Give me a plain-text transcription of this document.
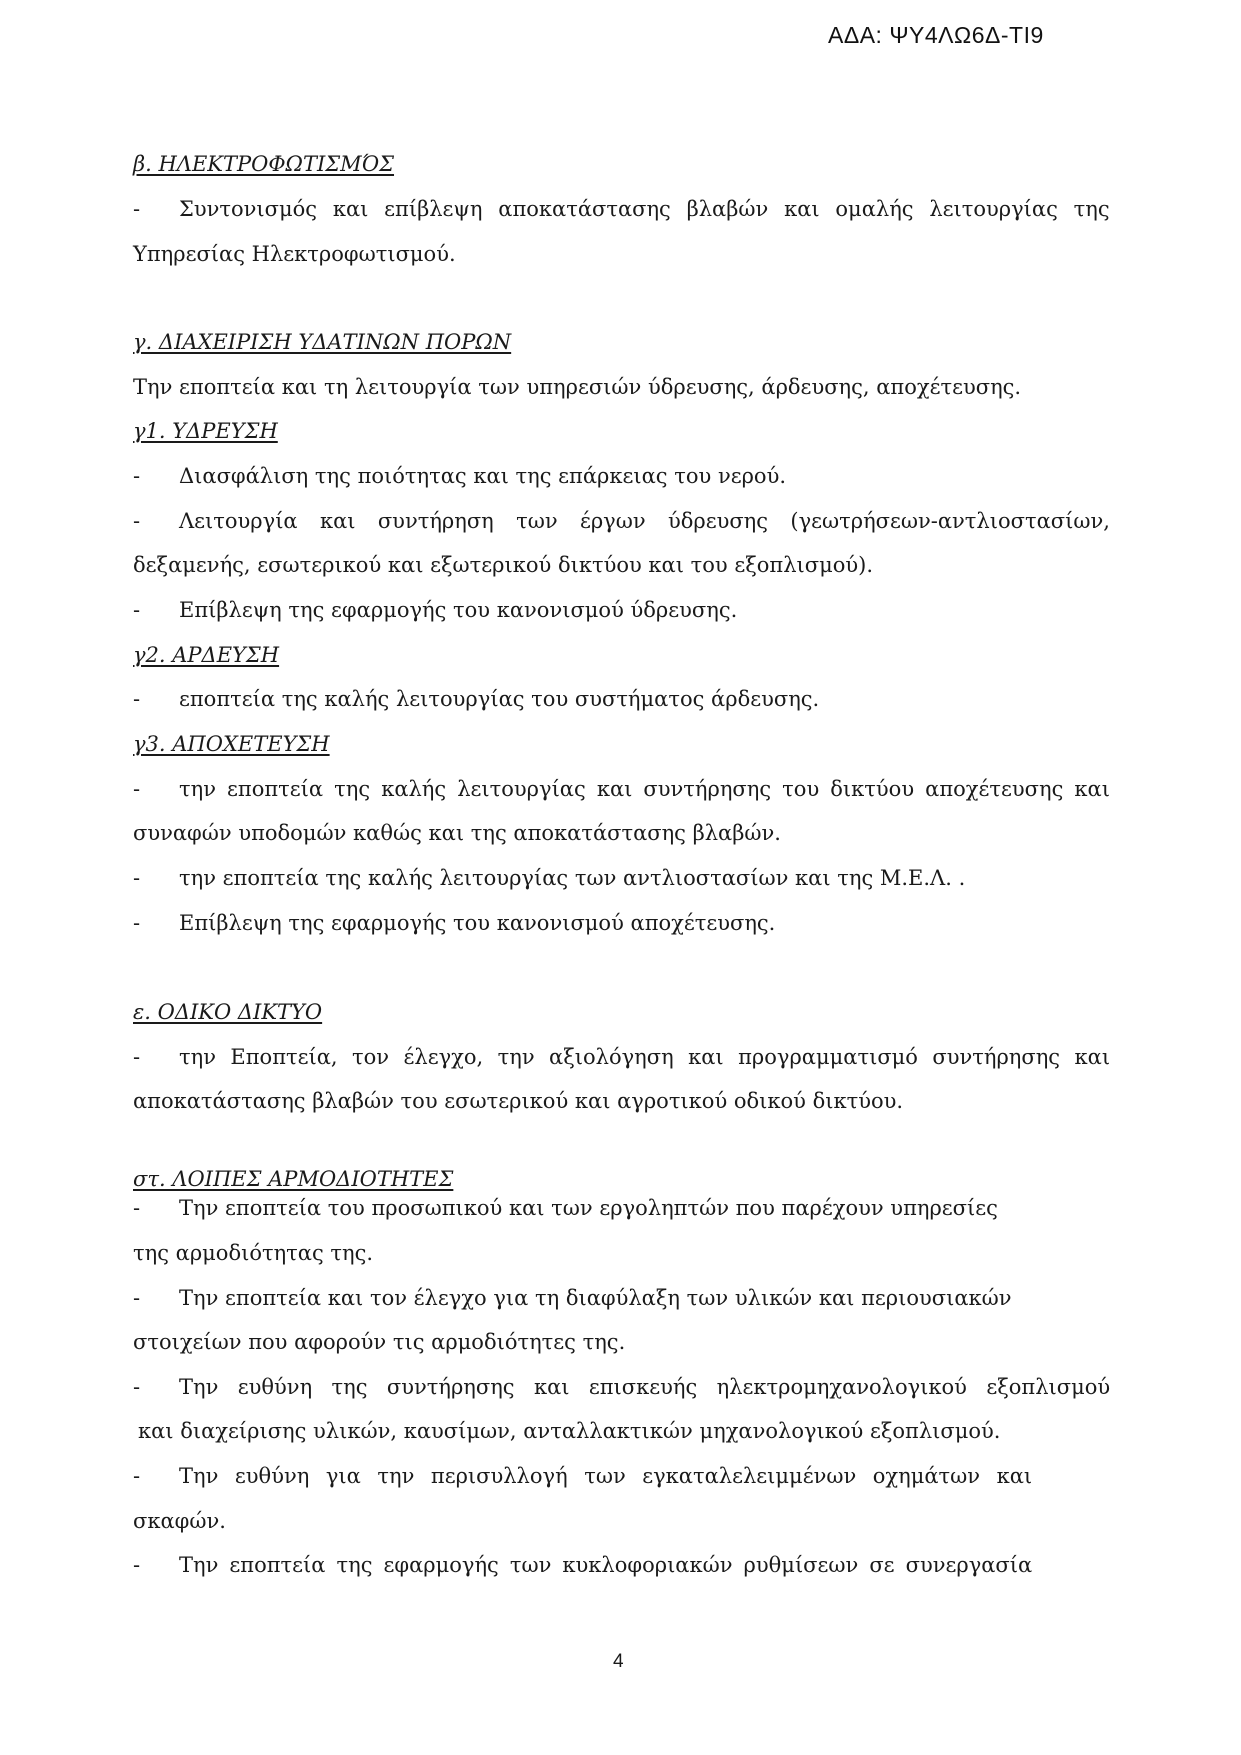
ΑΔΑ: ΨΥ4ΛΩ6Δ-ΤΙ9
β. ΗΛΕΚΤΡΟΦΩΤΙΣΜΌΣ
- Συντονισμός και επίβλεψη αποκατάστασης βλαβών και ομαλής λειτουργίας της
Υπηρεσίας Ηλεκτροφωτισμού.
γ. ΔΙΑΧΕΙΡΙΣΗ ΥΔΑΤΙΝΩΝ ΠΟΡΩΝ
Την εποπτεία και τη λειτουργία των υπηρεσιών ύδρευσης, άρδευσης, αποχέτευσης.
γ1. ΥΔΡΕΥΣΗ
- Διασφάλιση της ποιότητας και της επάρκειας του νερού.
- Λειτουργία και συντήρηση των έργων ύδρευσης (γεωτρήσεων-αντλιοστασίων,
δεξαμενής, εσωτερικού και εξωτερικού δικτύου και του εξοπλισμού).
- Επίβλεψη της εφαρμογής του κανονισμού ύδρευσης.
γ2. ΑΡΔΕΥΣΗ
- εποπτεία της καλής λειτουργίας του συστήματος άρδευσης.
γ3. ΑΠΟΧΕΤΕΥΣΗ
- την εποπτεία της καλής λειτουργίας και συντήρησης του δικτύου αποχέτευσης και
συναφών υποδομών καθώς και της αποκατάστασης βλαβών.
- την εποπτεία της καλής λειτουργίας των αντλιοστασίων και της Μ.Ε.Λ. .
- Επίβλεψη της εφαρμογής του κανονισμού αποχέτευσης.
ε. ΟΔΙΚΟ ΔΙΚΤΥΟ
- την Εποπτεία, τον έλεγχο, την αξιολόγηση και προγραμματισμό συντήρησης και
αποκατάστασης βλαβών του εσωτερικού και αγροτικού οδικού δικτύου.
στ. ΛΟΙΠΕΣ ΑΡΜΟΔΙΟΤΗΤΕΣ
- Την εποπτεία του προσωπικού και των εργοληπτών που παρέχουν υπηρεσίες
της αρμοδιότητας της.
- Την εποπτεία και τον έλεγχο για τη διαφύλαξη των υλικών και περιουσιακών
στοιχείων που αφορούν τις αρμοδιότητες της.
- Την ευθύνη της συντήρησης και επισκευής ηλεκτρομηχανολογικού εξοπλισμού
και διαχείρισης υλικών, καυσίμων, ανταλλακτικών μηχανολογικού εξοπλισμού.
- Την ευθύνη για την περισυλλογή των εγκαταλελειμμένων οχημάτων και
σκαφών.
- Την εποπτεία της εφαρμογής των κυκλοφοριακών ρυθμίσεων σε συνεργασία
4
